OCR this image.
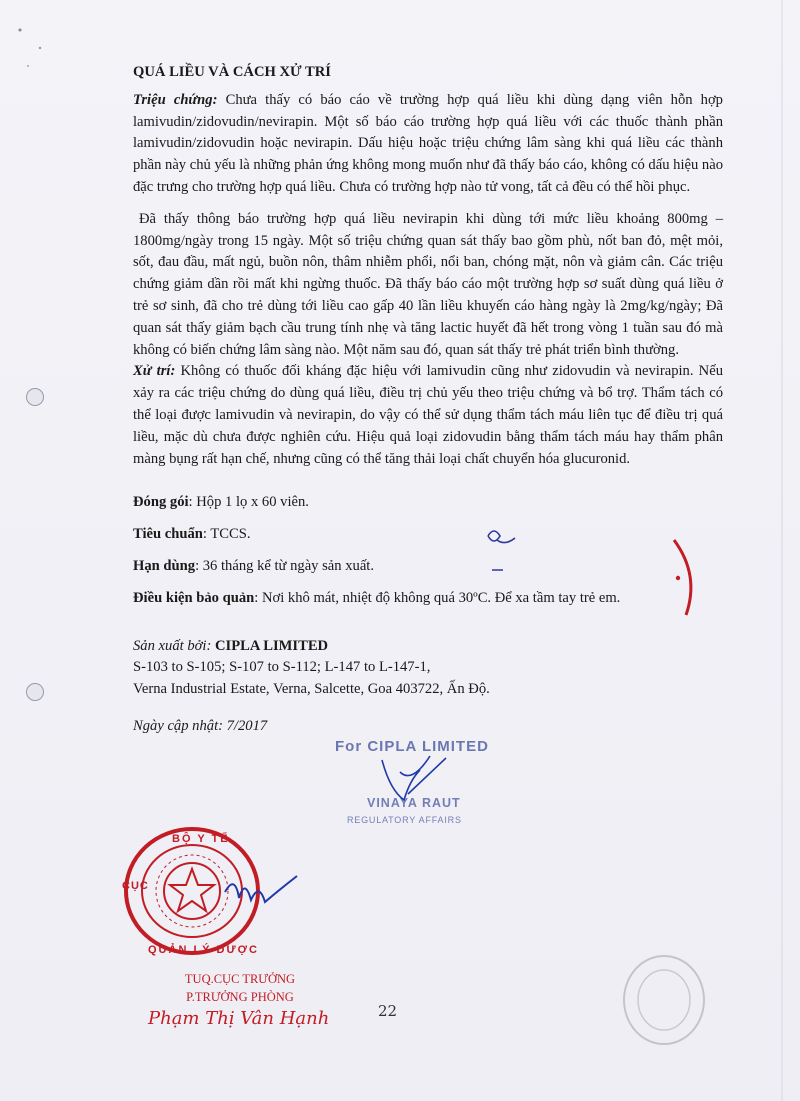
QUÁ LIỀU VÀ CÁCH XỬ TRÍ

Triệu chứng: Chưa thấy có báo cáo về trường hợp quá liều khi dùng dạng viên hỗn hợp lamivudin/zidovudin/nevirapin. Một số báo cáo trường hợp quá liều với các thuốc thành phần lamivudin/zidovudin hoặc nevirapin. Dấu hiệu hoặc triệu chứng lâm sàng khi quá liều các thành phần này chủ yếu là những phản ứng không mong muốn như đã thấy báo cáo, không có dấu hiệu nào đặc trưng cho trường hợp quá liều. Chưa có trường hợp nào tử vong, tất cả đều có thể hồi phục.

Đã thấy thông báo trường hợp quá liều nevirapin khi dùng tới mức liều khoảng 800mg – 1800mg/ngày trong 15 ngày. Một số triệu chứng quan sát thấy bao gồm phù, nốt ban đỏ, mệt mỏi, sốt, đau đầu, mất ngủ, buồn nôn, thâm nhiễm phổi, nổi ban, chóng mặt, nôn và giảm cân. Các triệu chứng giảm dần rồi mất khi ngừng thuốc. Đã thấy báo cáo một trường hợp sơ suất dùng quá liều ở trẻ sơ sinh, đã cho trẻ dùng tới liều cao gấp 40 lần liều khuyến cáo hàng ngày là 2mg/kg/ngày; Đã quan sát thấy giảm bạch cầu trung tính nhẹ và tăng lactic huyết đã hết trong vòng 1 tuần sau đó mà không có biến chứng lâm sàng nào. Một năm sau đó, quan sát thấy trẻ phát triển bình thường.

Xử trí: Không có thuốc đối kháng đặc hiệu với lamivudin cũng như zidovudin và nevirapin. Nếu xảy ra các triệu chứng do dùng quá liều, điều trị chủ yếu theo triệu chứng và bổ trợ. Thẩm tách có thể loại được lamivudin và nevirapin, do vậy có thể sử dụng thẩm tách máu liên tục để điều trị quá liều, mặc dù chưa được nghiên cứu. Hiệu quả loại zidovudin bằng thẩm tách máu hay thẩm phân màng bụng rất hạn chế, nhưng cũng có thể tăng thải loại chất chuyển hóa glucuronid.

Đóng gói: Hộp 1 lọ x 60 viên.

Tiêu chuẩn: TCCS.

Hạn dùng: 36 tháng kể từ ngày sản xuất.

Điều kiện bảo quản: Nơi khô mát, nhiệt độ không quá 30ºC. Để xa tầm tay trẻ em.

Sản xuất bởi: CIPLA LIMITED

S-103 to S-105; S-107 to S-112; L-147 to L-147-1,

Verna Industrial Estate, Verna, Salcette, Goa 403722, Ấn Độ.

Ngày cập nhật: 7/2017

For CIPLA LIMITED
VINAYA RAUT
REGULATORY AFFAIRS
BỘ Y TẾ
CỤC
QUẢN LÝ DƯỢC
TUQ.CỤC TRƯỞNG
P.TRƯỞNG PHÒNG
Phạm Thị Vân Hạnh	22
